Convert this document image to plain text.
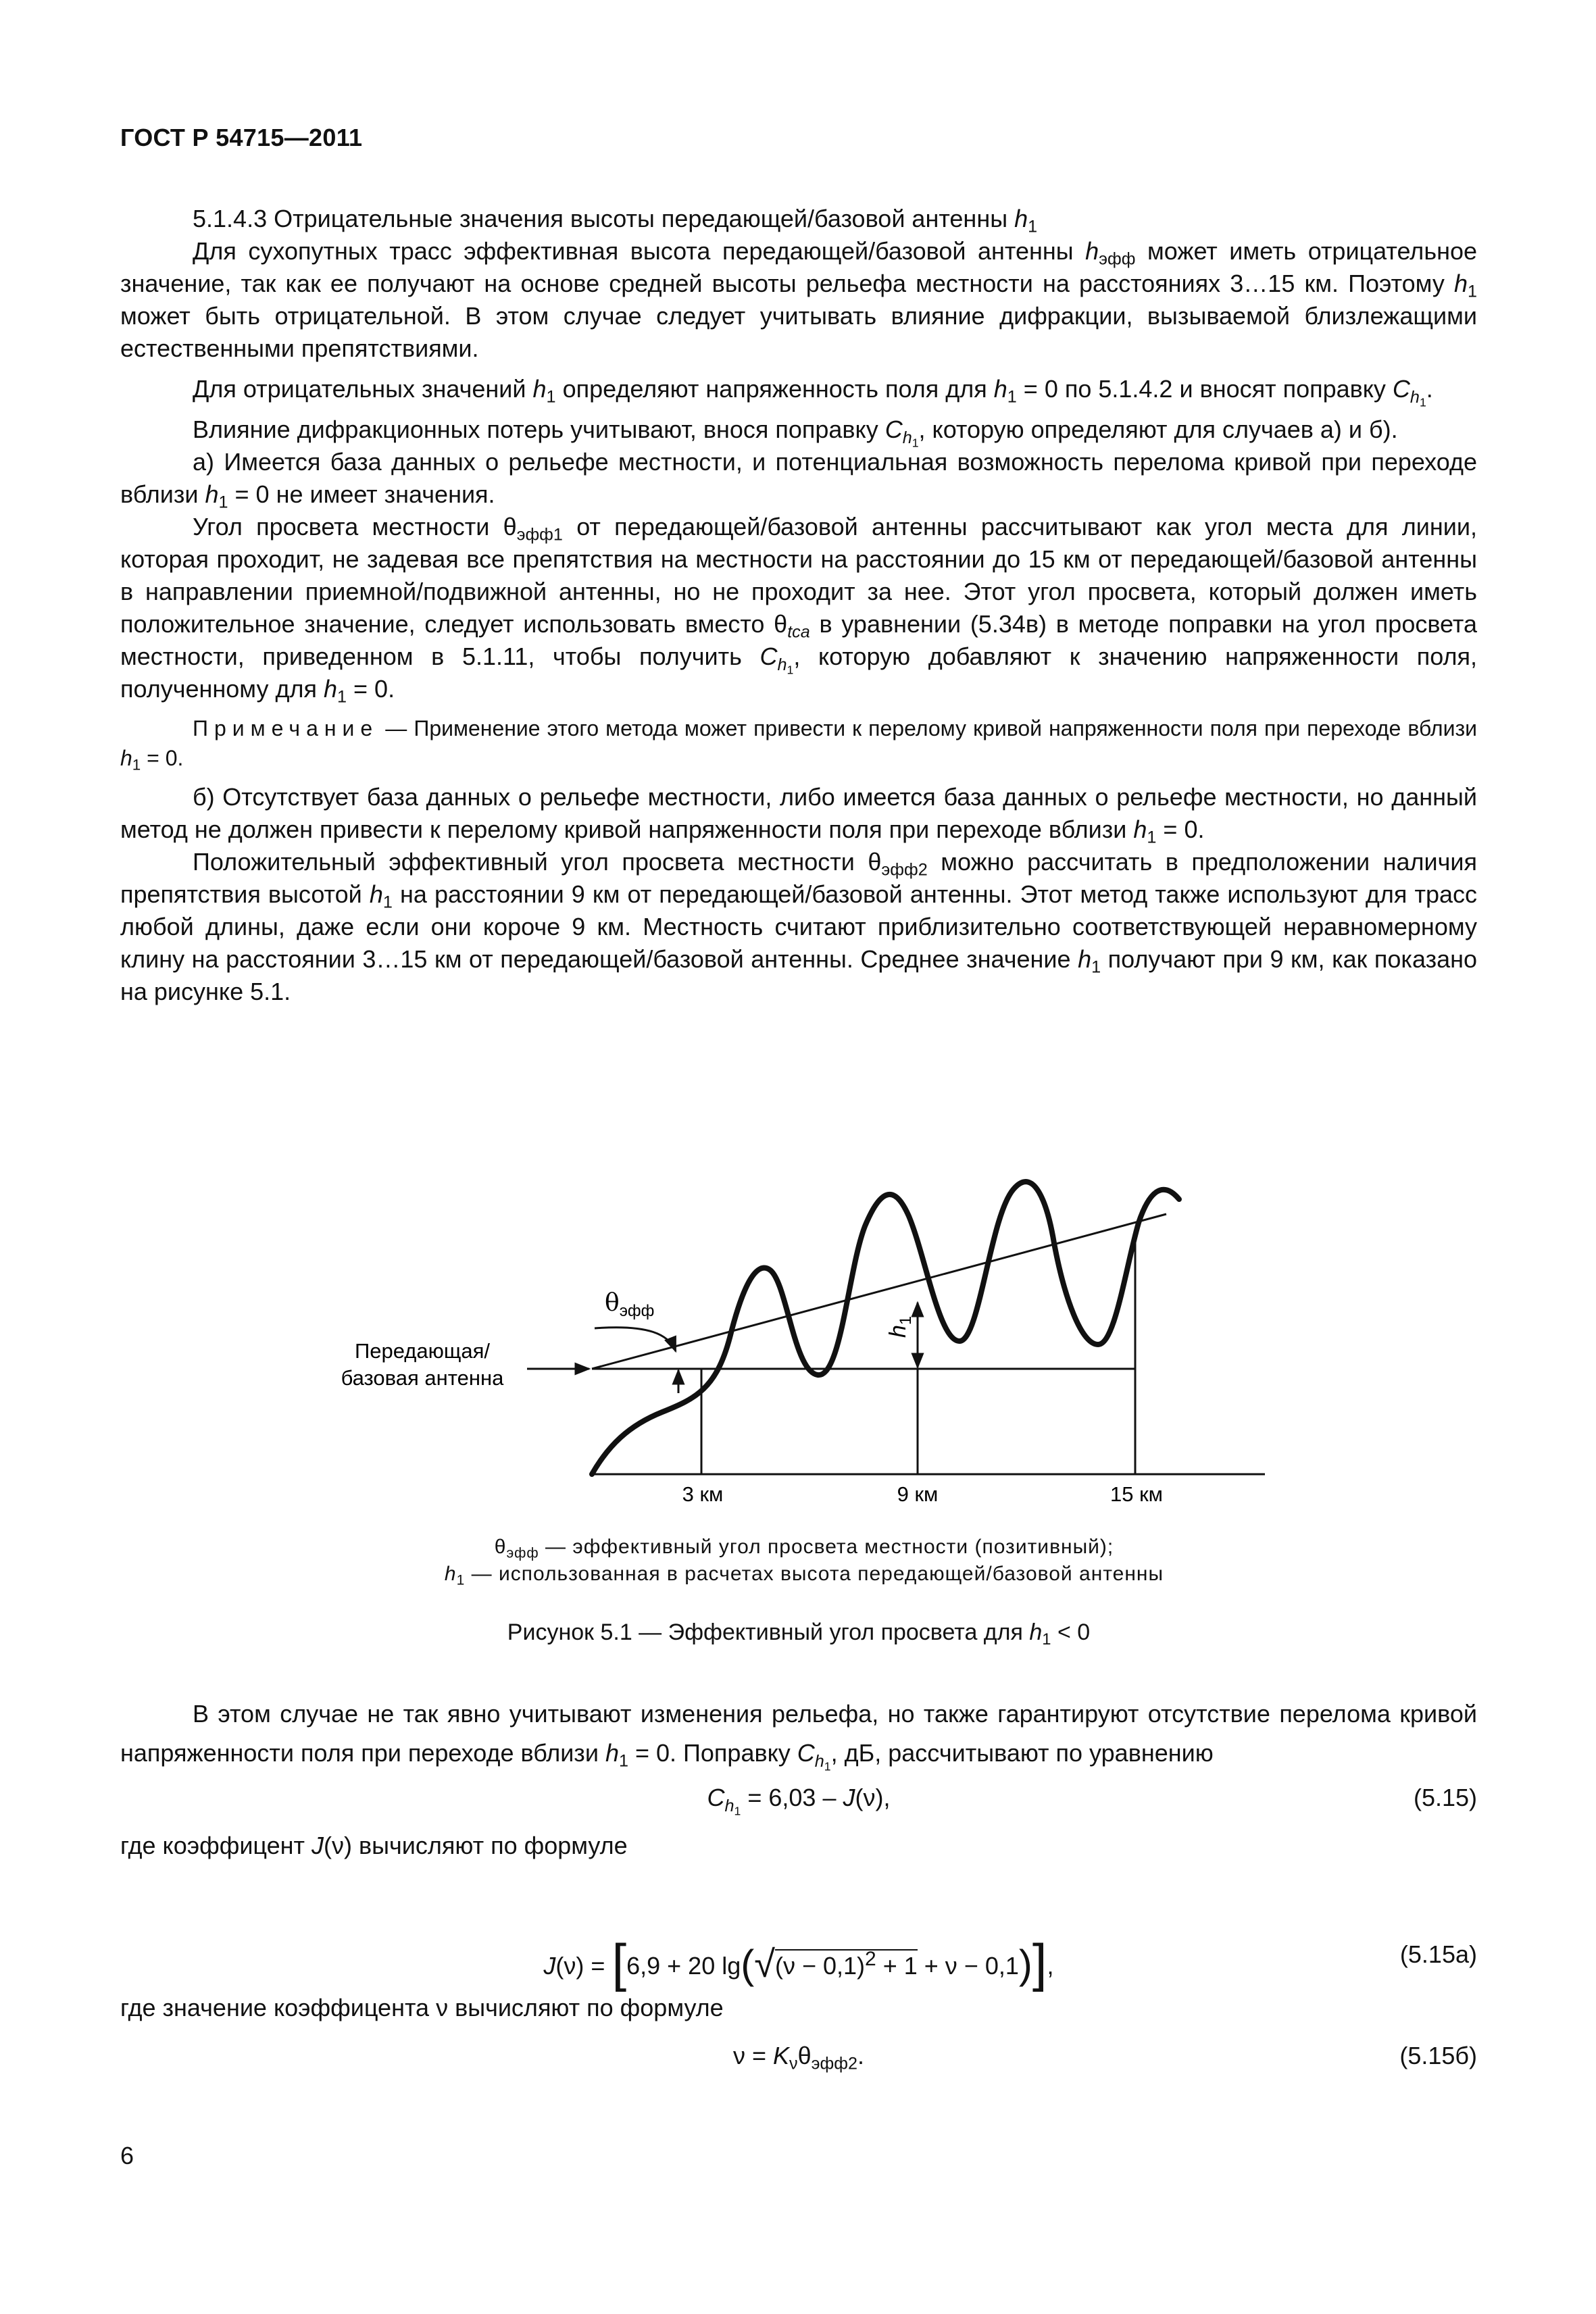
ГОСТ Р 54715—2011

5.1.4.3 Отрицательные значения высоты передающей/базовой антенны $h_1$

Для сухопутных трасс эффективная высота передающей/базовой антенны $h_{эфф}$ может иметь отрицательное значение, так как ее получают на основе средней высоты рельефа местности на расстояниях 3…15 км. Поэтому $h_1$ может быть отрицательной. В этом случае следует учитывать влияние дифракции, вызываемой близлежащими естественными препятствиями.

Для отрицательных значений $h_1$ определяют напряженность поля для $h_1 = 0$ по 5.1.4.2 и вносят поправку $C_{h_1}$.

Влияние дифракционных потерь учитывают, внося поправку $C_{h_1}$, которую определяют для случаев а) и б).

а) Имеется база данных о рельефе местности, и потенциальная возможность перелома кривой при переходе вблизи $h_1 = 0$ не имеет значения.

Угол просвета местности $\theta_{эфф1}$ от передающей/базовой антенны рассчитывают как угол места для линии, которая проходит, не задевая все препятствия на местности на расстоянии до 15 км от передающей/базовой антенны в направлении приемной/подвижной антенны, но не проходит за нее. Этот угол просвета, который должен иметь положительное значение, следует использовать вместо $\theta_{tca}$ в уравнении (5.34в) в методе поправки на угол просвета местности, приведенном в 5.1.11, чтобы получить $C_{h_1}$, которую добавляют к значению напряженности поля, полученному для $h_1 = 0$.

Примечание — Применение этого метода может привести к перелому кривой напряженности поля при переходе вблизи $h_1 = 0$.

б) Отсутствует база данных о рельефе местности, либо имеется база данных о рельефе местности, но данный метод не должен привести к перелому кривой напряженности поля при переходе вблизи $h_1 = 0$.

Положительный эффективный угол просвета местности $\theta_{эфф2}$ можно рассчитать в предположении наличия препятствия высотой $h_1$ на расстоянии 9 км от передающей/базовой антенны. Этот метод также используют для трасс любой длины, даже если они короче 9 км. Местность считают приблизительно соответствующей неравномерному клину на расстоянии 3…15 км от передающей/базовой антенны. Среднее значение $h_1$ получают при 9 км, как показано на рисунке 5.1.

Передающая/
базовая антенна
$\theta_{эфф}$
$h_1$
3 км	9 км	15 км
$\theta_{эфф}$ — эффективный угол просвета местности (позитивный);
$h_1$ — использованная в расчетах высота передающей/базовой антенны
Рисунок 5.1 — Эффективный угол просвета для $h_1 < 0$

В этом случае не так явно учитывают изменения рельефа, но также гарантируют отсутствие перелома кривой напряженности поля при переходе вблизи $h_1 = 0$. Поправку $C_{h_1}$, дБ, рассчитывают по уравнению

$C_{h_1} = 6,03 - J(\nu)$,	(5.15)
где коэффицент J(ν) вычисляют по формуле
J(ν) = [6,9 + 20 $\lg(√(\nu - 0,1)^2 + 1 + \nu - 0,1)$],	(5.15а)
где значение коэффицента ν вычисляют по формуле
$\nu = K_\nu\theta_{эфф2}$.	(5.15б)
6
